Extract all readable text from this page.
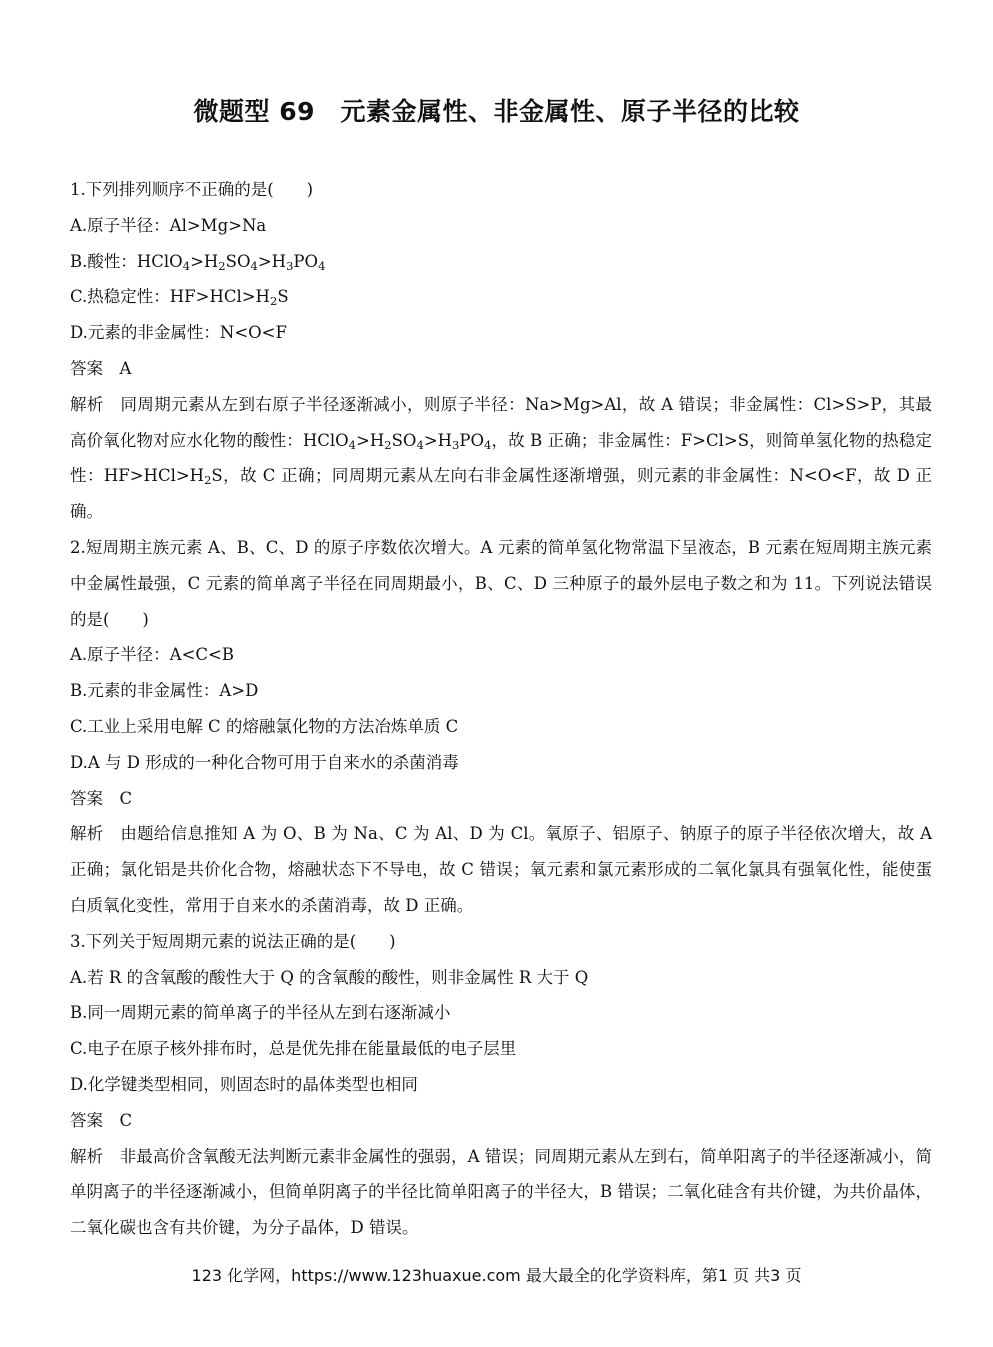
微题型 69　元素金属性、非金属性、原子半径的比较

1.下列排列顺序不正确的是(　　)

A.原子半径：Al>Mg>Na

B.酸性：$HClO_4>H_2SO_4>H_3PO_4$

C.热稳定性：$HF>HCl>H_2S$

D.元素的非金属性：N<O<F

答案　A

解析　同周期元素从左到右原子半径逐渐减小，则原子半径：Na>Mg>Al，故 A 错误；非金属性：Cl>S>P，其最高价氧化物对应水化物的酸性：$HClO_4>H_2SO_4>H_3PO_4$，故 B 正确；非金属性：F>Cl>S，则简单氢化物的热稳定性：$HF>HCl>H_2S$，故 C 正确；同周期元素从左向右非金属性逐渐增强，则元素的非金属性：N<O<F，故 D 正确。

2.短周期主族元素 A、B、C、D 的原子序数依次增大。A 元素的简单氢化物常温下呈液态，B 元素在短周期主族元素中金属性最强，C 元素的简单离子半径在同周期最小，B、C、D 三种原子的最外层电子数之和为 11。下列说法错误的是(　　)

A.原子半径：A<C<B

B.元素的非金属性：A>D

C.工业上采用电解 C 的熔融氯化物的方法冶炼单质 C

D.A 与 D 形成的一种化合物可用于自来水的杀菌消毒

答案　C

解析　由题给信息推知 A 为 O、B 为 Na、C 为 Al、D 为 Cl。氧原子、铝原子、钠原子的原子半径依次增大，故 A 正确；氯化铝是共价化合物，熔融状态下不导电，故 C 错误；氧元素和氯元素形成的二氧化氯具有强氧化性，能使蛋白质氧化变性，常用于自来水的杀菌消毒，故 D 正确。

3.下列关于短周期元素的说法正确的是(　　)

A.若 R 的含氧酸的酸性大于 Q 的含氧酸的酸性，则非金属性 R 大于 Q

B.同一周期元素的简单离子的半径从左到右逐渐减小

C.电子在原子核外排布时，总是优先排在能量最低的电子层里

D.化学键类型相同，则固态时的晶体类型也相同

答案　C

解析　非最高价含氧酸无法判断元素非金属性的强弱，A 错误；同周期元素从左到右，简单阳离子的半径逐渐减小，简单阴离子的半径逐渐减小，但简单阴离子的半径比简单阳离子的半径大，B 错误；二氧化硅含有共价键，为共价晶体，二氧化碳也含有共价键，为分子晶体，D 错误。

123 化学网，https://www.123huaxue.com 最大最全的化学资料库，第1 页 共3 页
